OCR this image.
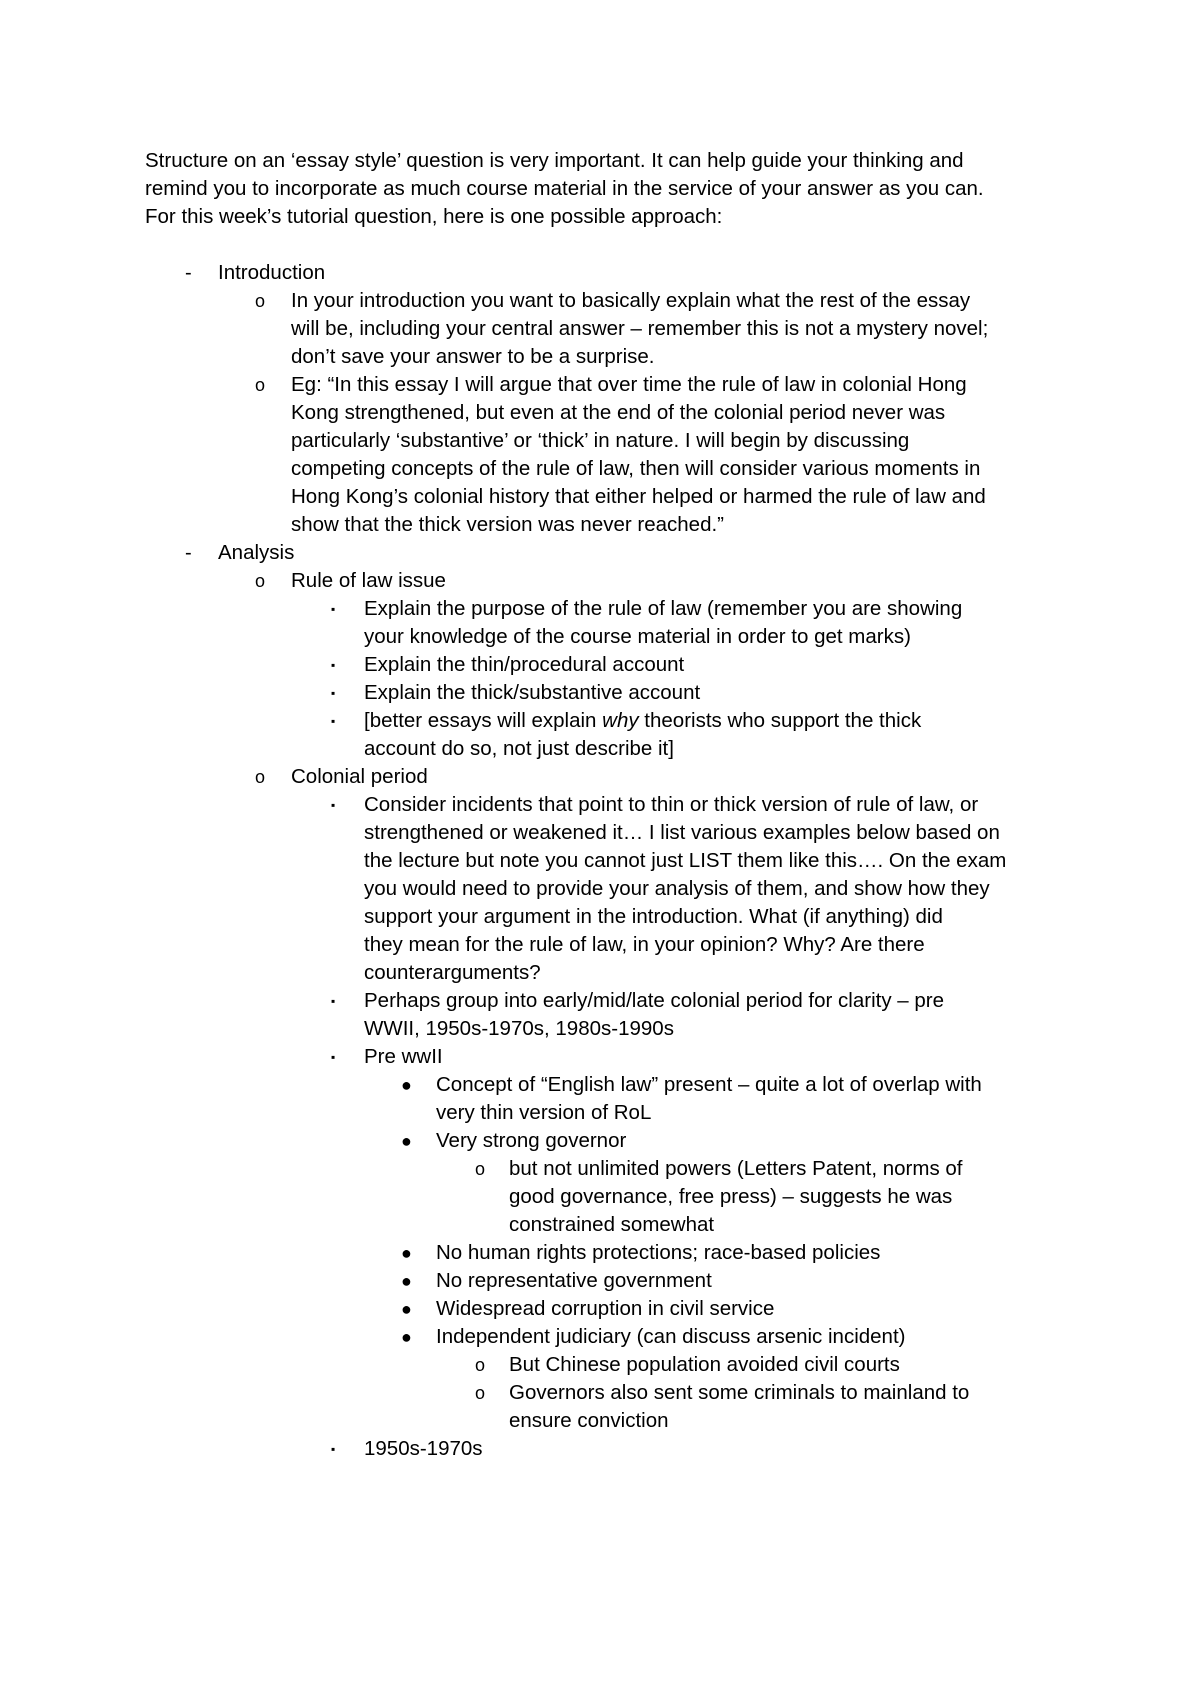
Structure on an ‘essay style’ question is very important. It can help guide your thinking and

remind you to incorporate as much course material in the service of your answer as you can.

For this week’s tutorial question, here is one possible approach:

- Introduction

o In your introduction you want to basically explain what the rest of the essay

will be, including your central answer – remember this is not a mystery novel;

don’t save your answer to be a surprise.

o Eg: “In this essay I will argue that over time the rule of law in colonial Hong

Kong strengthened, but even at the end of the colonial period never was

particularly ‘substantive’ or ‘thick’ in nature. I will begin by discussing

competing concepts of the rule of law, then will consider various moments in

Hong Kong’s colonial history that either helped or harmed the rule of law and

show that the thick version was never reached.”

- Analysis

o Rule of law issue

▪ Explain the purpose of the rule of law (remember you are showing

your knowledge of the course material in order to get marks)

▪ Explain the thin/procedural account

▪ Explain the thick/substantive account

▪ [better essays will explain why theorists who support the thick

account do so, not just describe it]

o Colonial period

▪ Consider incidents that point to thin or thick version of rule of law, or

strengthened or weakened it… I list various examples below based on

the lecture but note you cannot just LIST them like this…. On the exam

you would need to provide your analysis of them, and show how they

support your argument in the introduction. What (if anything) did

they mean for the rule of law, in your opinion? Why? Are there

counterarguments?

▪ Perhaps group into early/mid/late colonial period for clarity – pre

WWII, 1950s-1970s, 1980s-1990s

▪ Pre wwII

● Concept of “English law” present – quite a lot of overlap with

very thin version of RoL

● Very strong governor

o but not unlimited powers (Letters Patent, norms of

good governance, free press) – suggests he was

constrained somewhat

● No human rights protections; race-based policies

● No representative government

● Widespread corruption in civil service

● Independent judiciary (can discuss arsenic incident)

o But Chinese population avoided civil courts

o Governors also sent some criminals to mainland to

ensure conviction

▪ 1950s-1970s
